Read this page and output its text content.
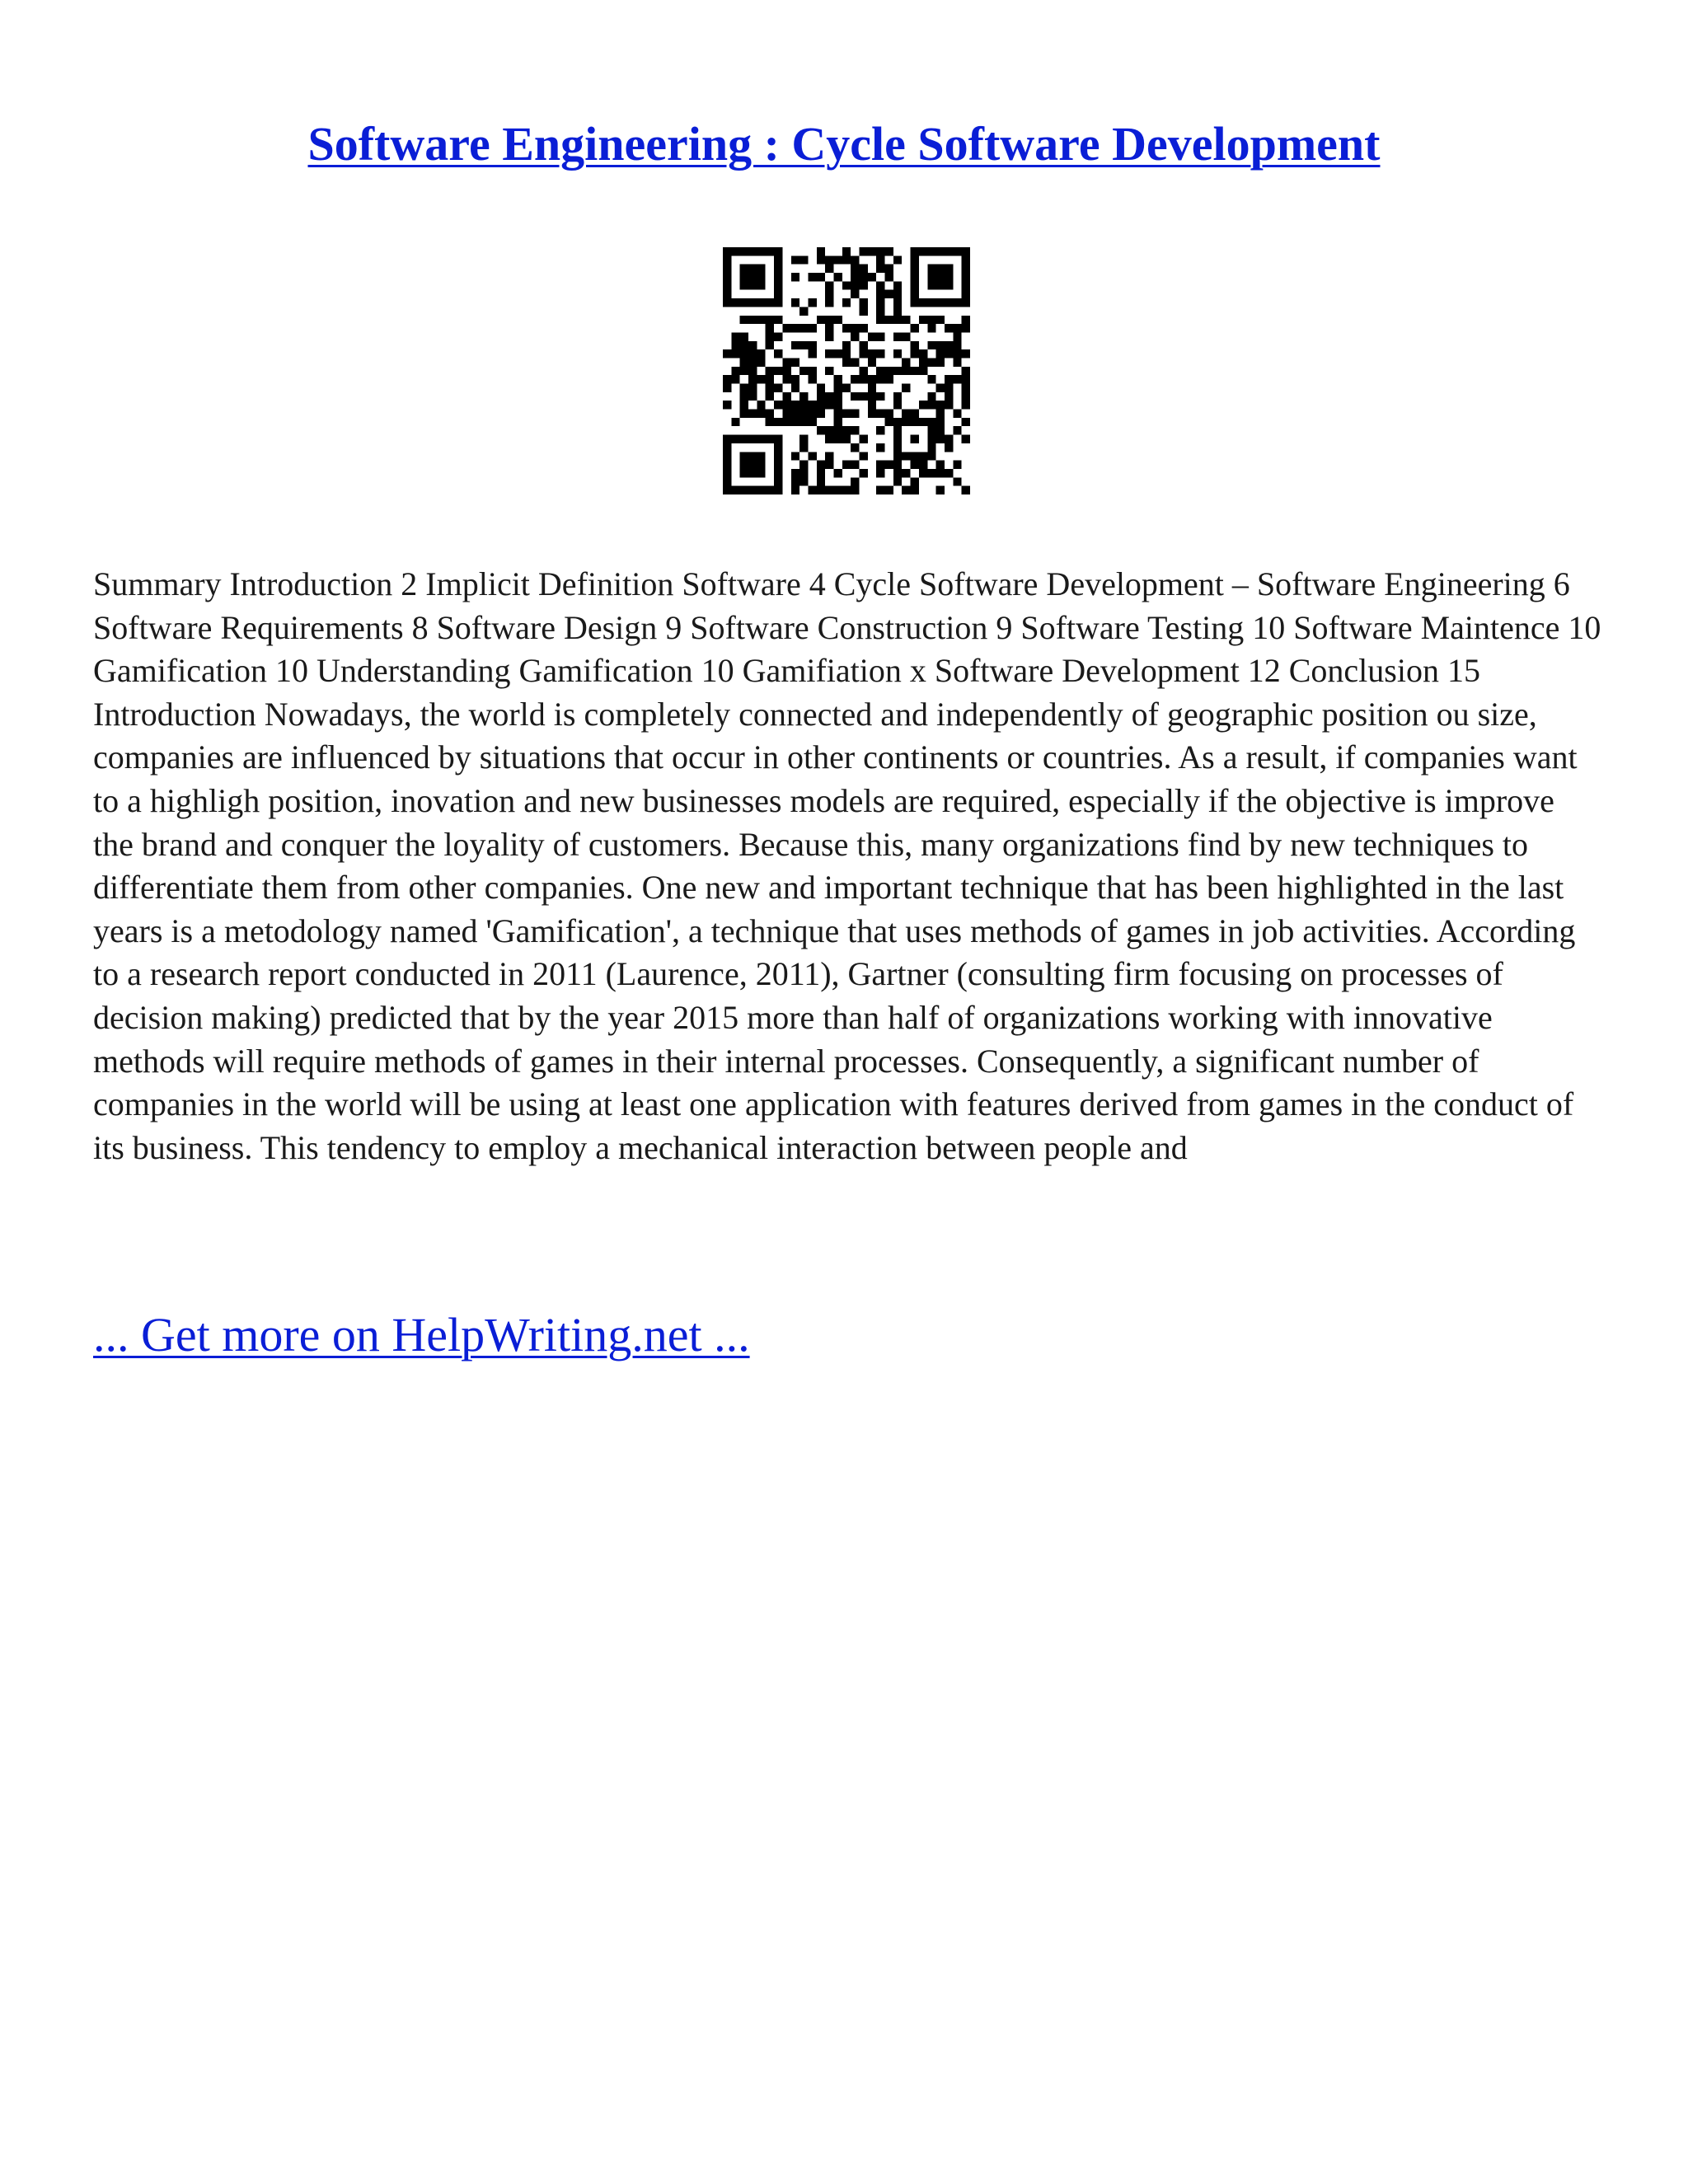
Software Engineering : Cycle Software Development

Summary Introduction 2 Implicit Definition Software 4 Cycle Software Development – Software Engineering 6 Software Requirements 8 Software Design 9 Software Construction 9 Software Testing 10 Software Maintence 10 Gamification 10 Understanding Gamification 10 Gamifiation x Software Development 12 Conclusion 15 Introduction Nowadays, the world is completely connected and independently of geographic position ou size, companies are influenced by situations that occur in other continents or countries. As a result, if companies want to a highligh position, inovation and new businesses models are required, especially if the objective is improve the brand and conquer the loyality of customers. Because this, many organizations find by new techniques to differentiate them from other companies. One new and important technique that has been highlighted in the last years is a metodology named 'Gamification', a technique that uses methods of games in job activities. According to a research report conducted in 2011 (Laurence, 2011), Gartner (consulting firm focusing on processes of decision making) predicted that by the year 2015 more than half of organizations working with innovative methods will require methods of games in their internal processes. Consequently, a significant number of companies in the world will be using at least one application with features derived from games in the conduct of its business. This tendency to employ a mechanical interaction between people and

... Get more on HelpWriting.net ...
